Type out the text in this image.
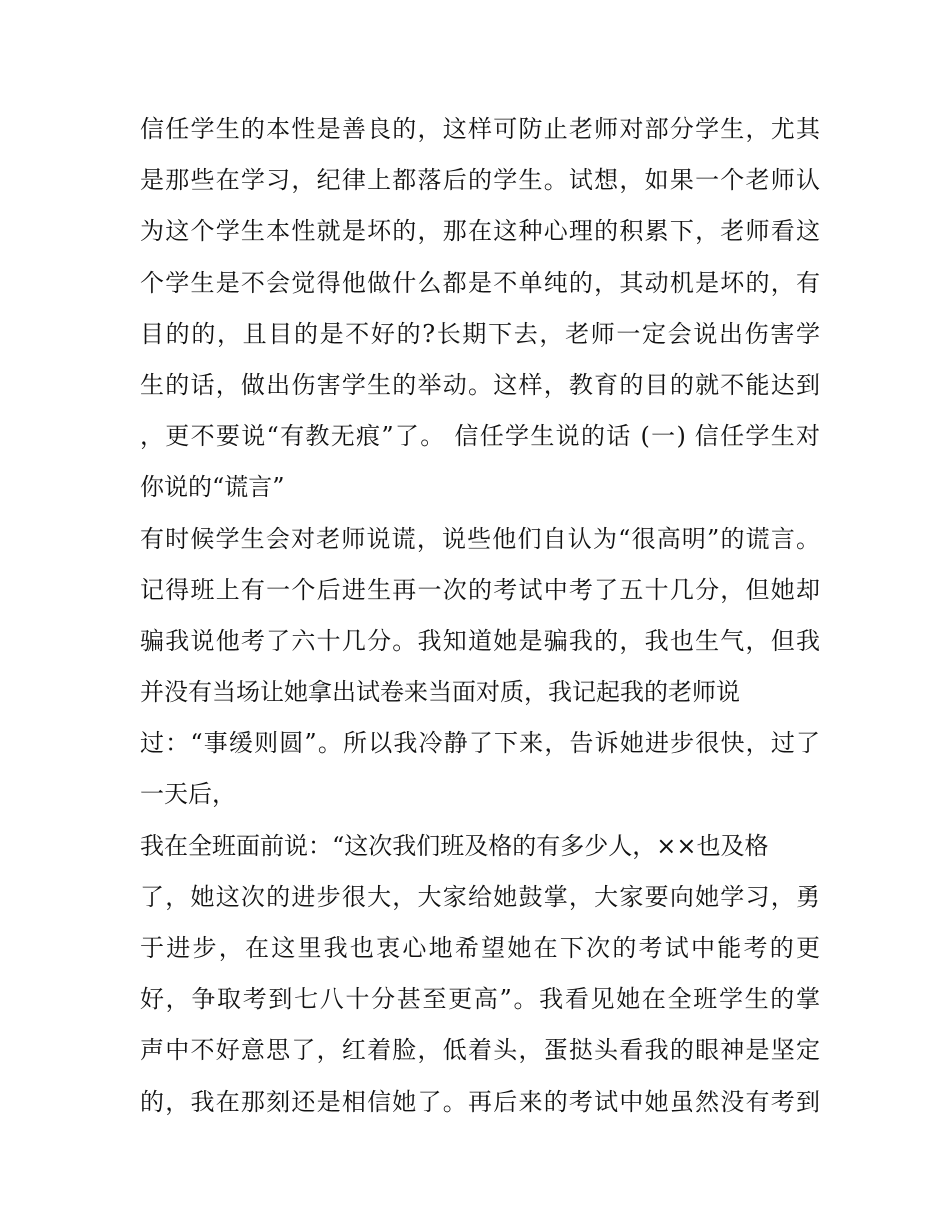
信任学生的本性是善良的，这样可防止老师对部分学生，尤其
是那些在学习，纪律上都落后的学生。试想，如果一个老师认
为这个学生本性就是坏的，那在这种心理的积累下，老师看这
个学生是不会觉得他做什么都是不单纯的，其动机是坏的，有
目的的，且目的是不好的?长期下去，老师一定会说出伤害学
生的话，做出伤害学生的举动。这样，教育的目的就不能达到
，更不要说“有教无痕”了。 信任学生说的话 (一) 信任学生对
你说的“谎言”
有时候学生会对老师说谎，说些他们自认为“很高明”的谎言。
记得班上有一个后进生再一次的考试中考了五十几分，但她却
骗我说他考了六十几分。我知道她是骗我的，我也生气，但我
并没有当场让她拿出试卷来当面对质，我记起我的老师说
过：“事缓则圆”。所以我冷静了下来，告诉她进步很快，过了
一天后，
我在全班面前说：“这次我们班及格的有多少人，××也及格
了，她这次的进步很大，大家给她鼓掌，大家要向她学习，勇
于进步，在这里我也衷心地希望她在下次的考试中能考的更
好，争取考到七八十分甚至更高”。我看见她在全班学生的掌
声中不好意思了，红着脸，低着头，蛋挞头看我的眼神是坚定
的，我在那刻还是相信她了。再后来的考试中她虽然没有考到
